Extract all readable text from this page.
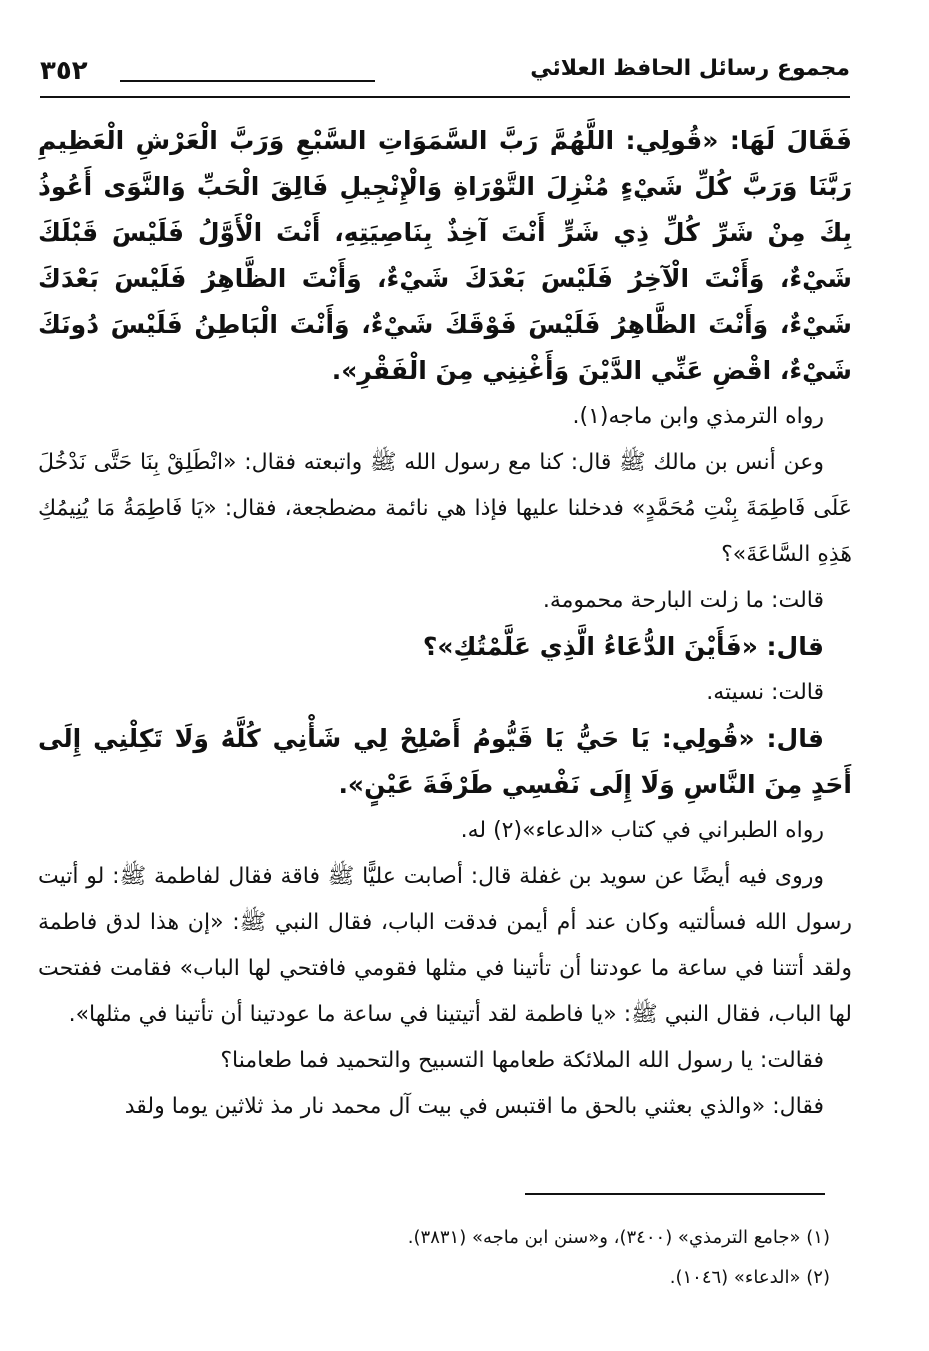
٣٥٢	مجموع رسائل الحافظ العلائي

فَقَالَ لَهَا: «قُولِي: اللَّهُمَّ رَبَّ السَّمَوَاتِ السَّبْعِ وَرَبَّ الْعَرْشِ الْعَظِيمِ رَبَّنَا وَرَبَّ كُلِّ شَيْءٍ مُنْزِلَ التَّوْرَاةِ وَالْإِنْجِيلِ فَالِقَ الْحَبِّ وَالنَّوَى أَعُوذُ بِكَ مِنْ شَرِّ كُلِّ ذِي شَرٍّ أَنْتَ آخِذٌ بِنَاصِيَتِهِ، أَنْتَ الْأَوَّلُ فَلَيْسَ قَبْلَكَ شَيْءٌ، وَأَنْتَ الْآخِرُ فَلَيْسَ بَعْدَكَ شَيْءٌ، وَأَنْتَ الظَّاهِرُ فَلَيْسَ بَعْدَكَ شَيْءٌ، وَأَنْتَ الظَّاهِرُ فَلَيْسَ فَوْقَكَ شَيْءٌ، وَأَنْتَ الْبَاطِنُ فَلَيْسَ دُونَكَ شَيْءٌ، اقْضِ عَنِّي الدَّيْنَ وَأَغْنِنِي مِنَ الْفَقْرِ».

رواه الترمذي وابن ماجه(١).

وعن أنس بن مالك ﷺ قال: كنا مع رسول الله ﷺ واتبعته فقال: «انْطَلِقْ بِنَا حَتَّى نَدْخُلَ عَلَى فَاطِمَةَ بِنْتِ مُحَمَّدٍ» فدخلنا عليها فإذا هي نائمة مضطجعة، فقال: «يَا فَاطِمَةُ مَا يُنِيمُكِ هَذِهِ السَّاعَةَ»؟

قالت: ما زلت البارحة محمومة.

قال: «فَأَيْنَ الدُّعَاءُ الَّذِي عَلَّمْتُكِ»؟

قالت: نسيته.

قال: «قُولِي: يَا حَيُّ يَا قَيُّومُ أَصْلِحْ لِي شَأْنِي كُلَّهُ وَلَا تَكِلْنِي إِلَى أَحَدٍ مِنَ النَّاسِ وَلَا إِلَى نَفْسِي طَرْفَةَ عَيْنٍ».

رواه الطبراني في كتاب «الدعاء»(٢) له.

وروى فيه أيضًا عن سويد بن غفلة قال: أصابت عليًّا ﷺ فاقة فقال لفاطمة ﷺ: لو أتيت رسول الله فسألتيه وكان عند أم أيمن فدقت الباب، فقال النبي ﷺ: «إن هذا لدق فاطمة ولقد أتتنا في ساعة ما عودتنا أن تأتينا في مثلها فقومي فافتحي لها الباب» فقامت ففتحت لها الباب، فقال النبي ﷺ: «يا فاطمة لقد أتيتينا في ساعة ما عودتينا أن تأتينا في مثلها».

فقالت: يا رسول الله الملائكة طعامها التسبيح والتحميد فما طعامنا؟

فقال: «والذي بعثني بالحق ما اقتبس في بيت آل محمد نار مذ ثلاثين يوما ولقد

(١) «جامع الترمذي» (٣٤٠٠)، و«سنن ابن ماجه» (٣٨٣١).

(٢) «الدعاء» (١٠٤٦).
